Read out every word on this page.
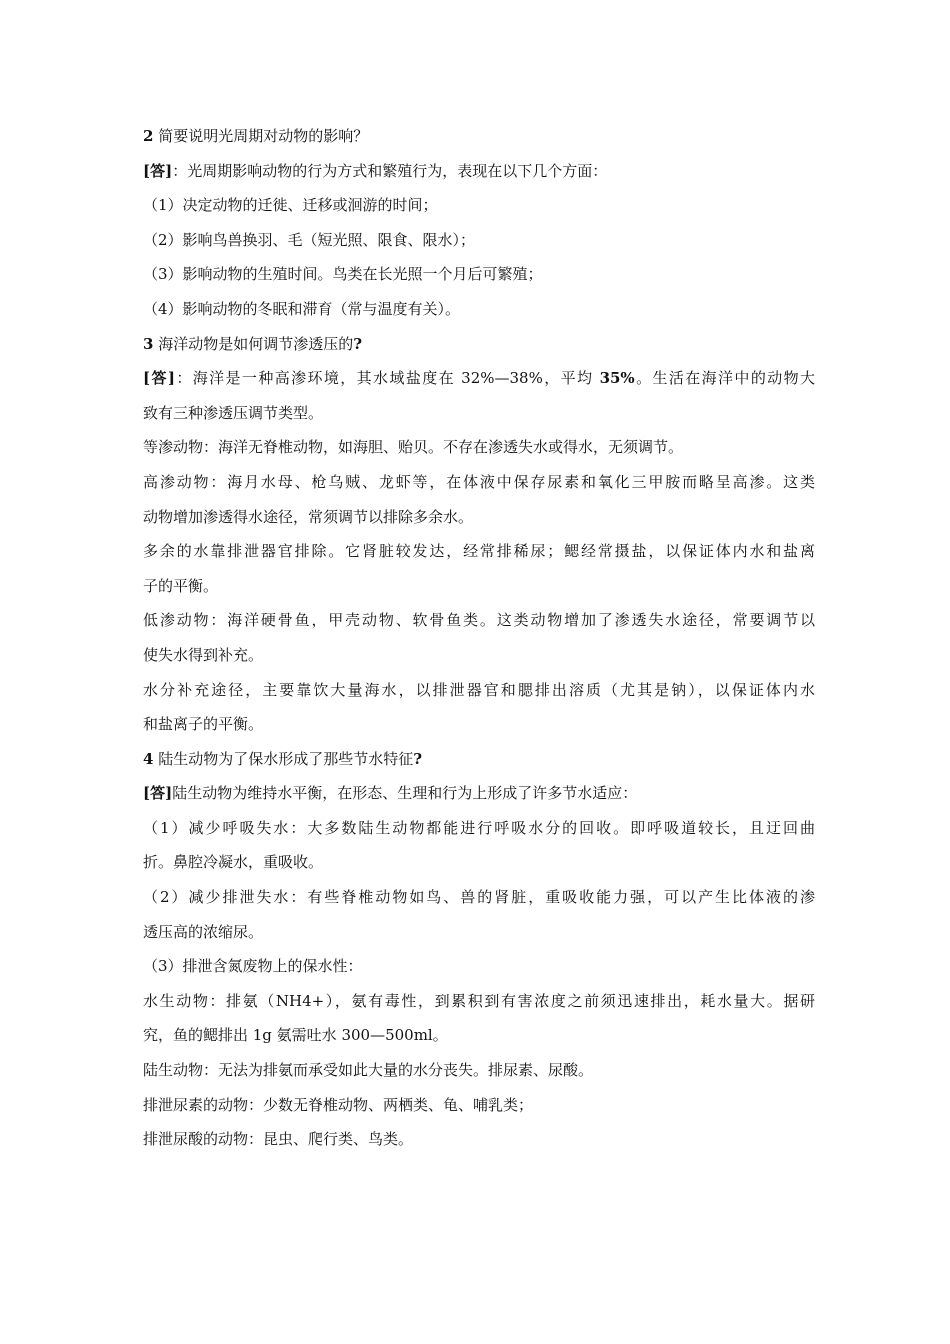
2 简要说明光周期对动物的影响？

[答]：光周期影响动物的行为方式和繁殖行为，表现在以下几个方面：

（1）决定动物的迁徙、迁移或洄游的时间；

（2）影响鸟兽换羽、毛（短光照、限食、限水）；

（3）影响动物的生殖时间。鸟类在长光照一个月后可繁殖；

（4）影响动物的冬眠和滞育（常与温度有关）。

3 海洋动物是如何调节渗透压的?

[答]：海洋是一种高渗环境，其水域盐度在 32%—38%，平均 35%。生活在海洋中的动物大

致有三种渗透压调节类型。

等渗动物：海洋无脊椎动物，如海胆、贻贝。不存在渗透失水或得水，无须调节。

高渗动物：海月水母、枪乌贼、龙虾等，在体液中保存尿素和氧化三甲胺而略呈高渗。这类

动物增加渗透得水途径，常须调节以排除多余水。

多余的水靠排泄器官排除。它肾脏较发达，经常排稀尿；鳃经常摄盐，以保证体内水和盐离

子的平衡。

低渗动物：海洋硬骨鱼，甲壳动物、软骨鱼类。这类动物增加了渗透失水途径，常要调节以

使失水得到补充。

水分补充途径，主要靠饮大量海水，以排泄器官和腮排出溶质（尤其是钠），以保证体内水

和盐离子的平衡。

4 陆生动物为了保水形成了那些节水特征?

[答]陆生动物为维持水平衡，在形态、生理和行为上形成了许多节水适应：

（1）减少呼吸失水：大多数陆生动物都能进行呼吸水分的回收。即呼吸道较长，且迂回曲

折。鼻腔冷凝水，重吸收。

（2）减少排泄失水：有些脊椎动物如鸟、兽的肾脏，重吸收能力强，可以产生比体液的渗

透压高的浓缩尿。

（3）排泄含氮废物上的保水性：

水生动物：排氨（NH4+），氨有毒性，到累积到有害浓度之前须迅速排出，耗水量大。据研

究，鱼的鳃排出 1g 氨需吐水 300—500ml。

陆生动物：无法为排氨而承受如此大量的水分丧失。排尿素、尿酸。

排泄尿素的动物：少数无脊椎动物、两栖类、龟、哺乳类；

排泄尿酸的动物：昆虫、爬行类、鸟类。
